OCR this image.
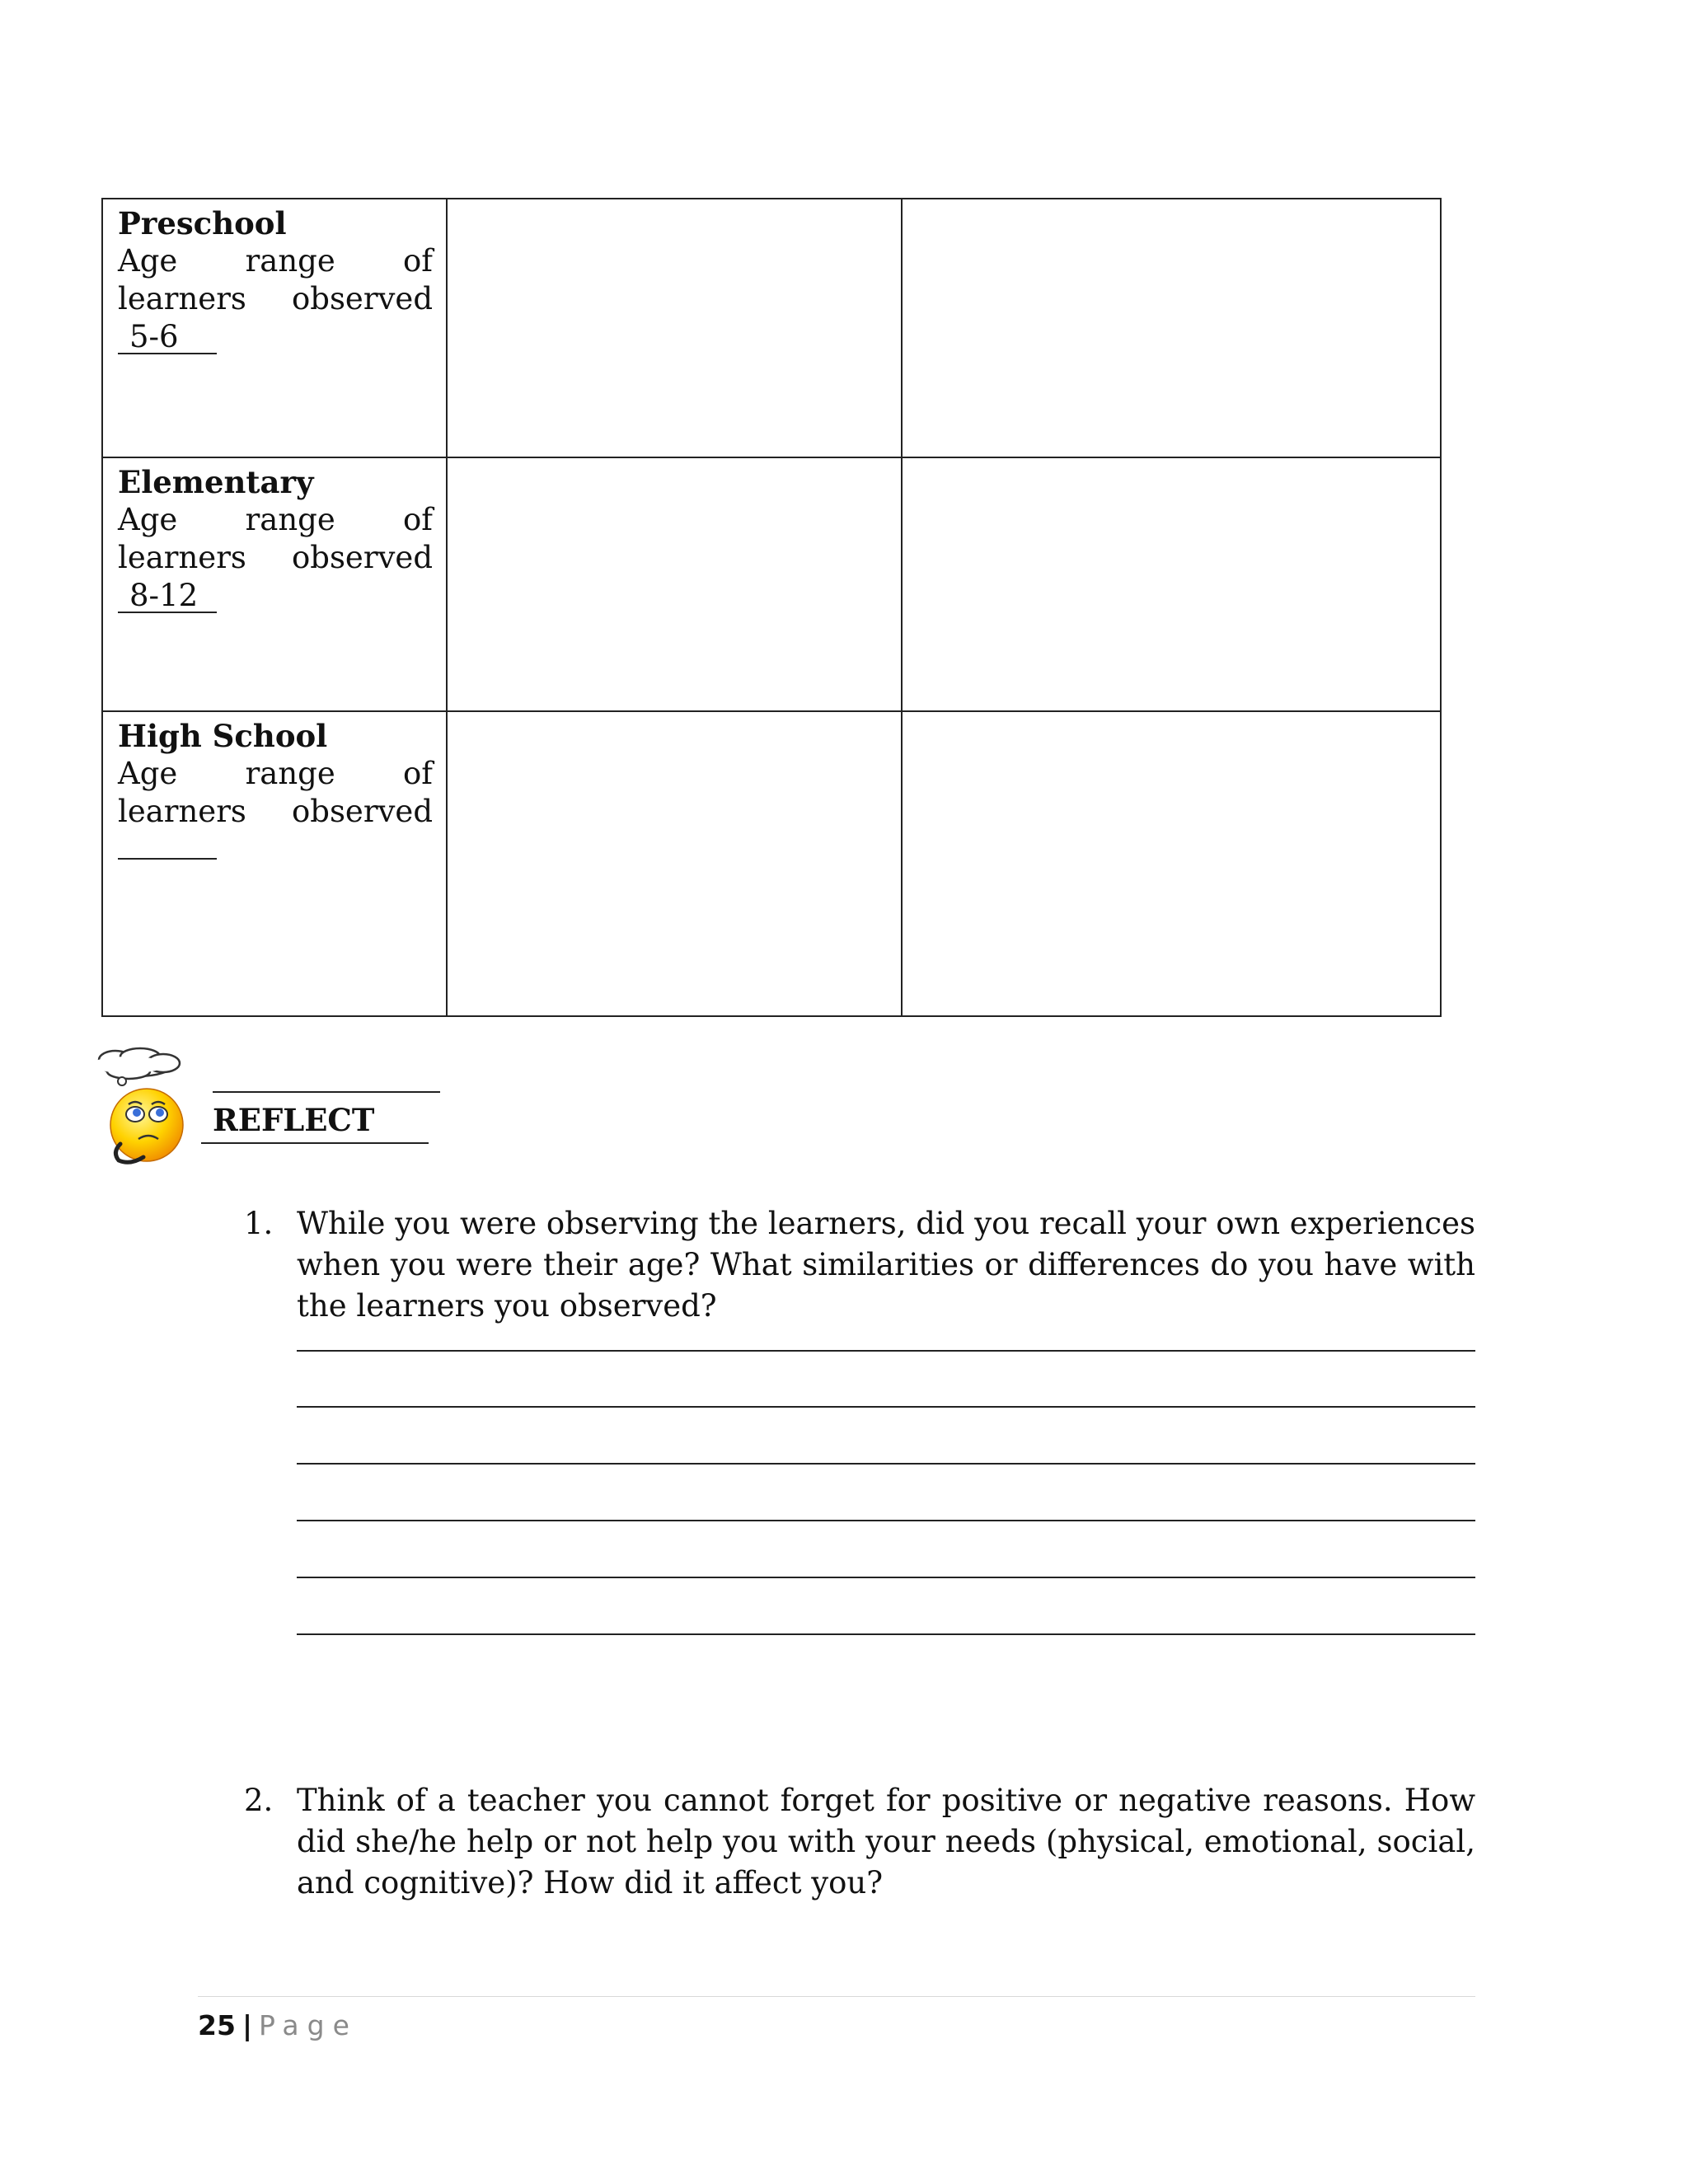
Preschool
Age range of learners observed 5-6		

Elementary
Age range of learners observed 8-12		

High School
Age range of learners observed		

REFLECT
1. While you were observing the learners, did you recall your own experiences when you were their age? What similarities or differences do you have with the learners you observed?
2. Think of a teacher you cannot forget for positive or negative reasons. How did she/he help or not help you with your needs (physical, emotional, social, and cognitive)? How did it affect you?
25 | Page
